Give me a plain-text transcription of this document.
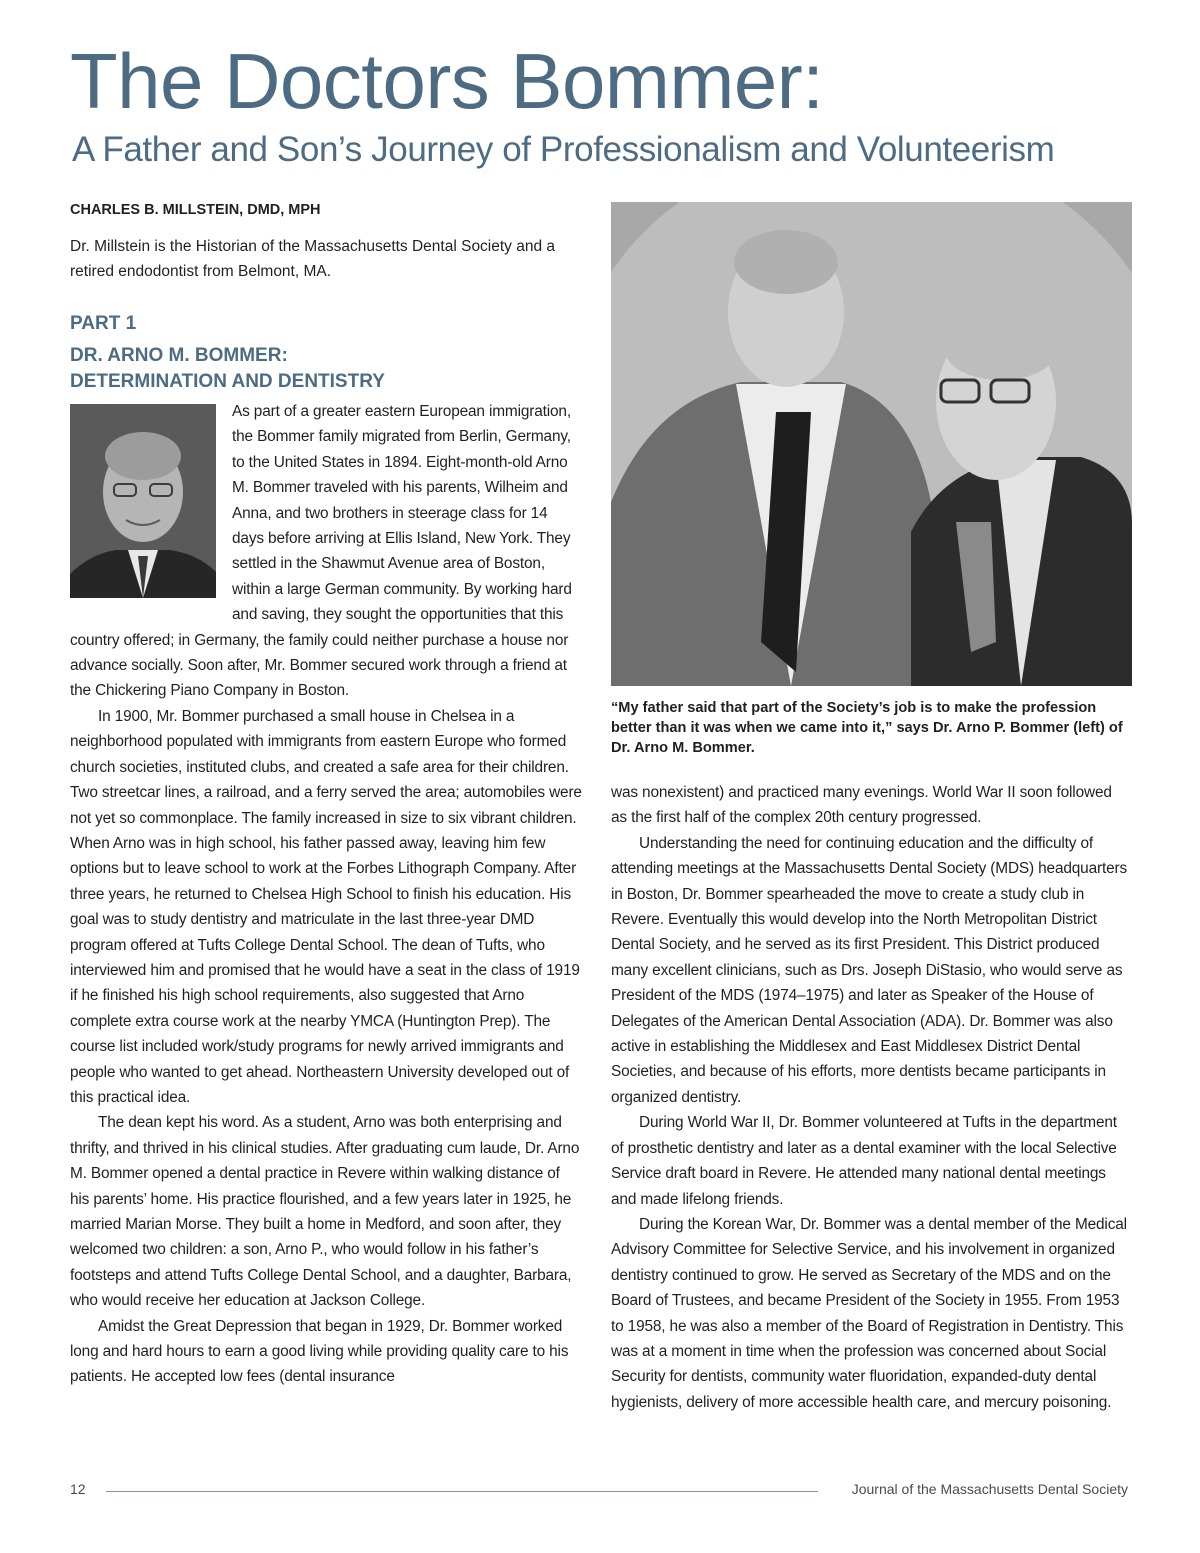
The Doctors Bommer:
A Father and Son’s Journey of Professionalism and Volunteerism
CHARLES B. MILLSTEIN, DMD, MPH

Dr. Millstein is the Historian of the Massachusetts Dental Society and a retired endodontist from Belmont, MA.

PART 1
DR. ARNO M. BOMMER:
DETERMINATION AND DENTISTRY

As part of a greater eastern European immigration, the Bommer family migrated from Berlin, Germany, to the United States in 1894. Eight-month-old Arno M. Bommer traveled with his parents, Wilheim and Anna, and two brothers in steerage class for 14 days before arriving at Ellis Island, New York. They settled in the Shawmut Avenue area of Boston, within a large German community. By working hard and saving, they sought the opportunities that this country offered; in Germany, the family could neither purchase a house nor advance socially. Soon after, Mr. Bommer secured work through a friend at the Chickering Piano Company in Boston.

In 1900, Mr. Bommer purchased a small house in Chelsea in a neighborhood populated with immigrants from eastern Europe who formed church societies, instituted clubs, and created a safe area for their children. Two streetcar lines, a railroad, and a ferry served the area; automobiles were not yet so commonplace. The family increased in size to six vibrant children. When Arno was in high school, his father passed away, leaving him few options but to leave school to work at the Forbes Lithograph Company. After three years, he returned to Chelsea High School to finish his education. His goal was to study dentistry and matriculate in the last three-year DMD program offered at Tufts College Dental School. The dean of Tufts, who interviewed him and promised that he would have a seat in the class of 1919 if he finished his high school requirements, also suggested that Arno complete extra course work at the nearby YMCA (Huntington Prep). The course list included work/study programs for newly arrived immigrants and people who wanted to get ahead. Northeastern University developed out of this practical idea.

The dean kept his word. As a student, Arno was both enterprising and thrifty, and thrived in his clinical studies. After graduating cum laude, Dr. Arno M. Bommer opened a dental practice in Revere within walking distance of his parents’ home. His practice flourished, and a few years later in 1925, he married Marian Morse. They built a home in Medford, and soon after, they welcomed two children: a son, Arno P., who would follow in his father’s footsteps and attend Tufts College Dental School, and a daughter, Barbara, who would receive her education at Jackson College.

Amidst the Great Depression that began in 1929, Dr. Bommer worked long and hard hours to earn a good living while providing quality care to his patients. He accepted low fees (dental insurance

“My father said that part of the Society’s job is to make the profession better than it was when we came into it,” says Dr. Arno P. Bommer (left) of Dr. Arno M. Bommer.

was nonexistent) and practiced many evenings. World War II soon followed as the first half of the complex 20th century progressed.

Understanding the need for continuing education and the difficulty of attending meetings at the Massachusetts Dental Society (MDS) headquarters in Boston, Dr. Bommer spearheaded the move to create a study club in Revere. Eventually this would develop into the North Metropolitan District Dental Society, and he served as its first President. This District produced many excellent clinicians, such as Drs. Joseph DiStasio, who would serve as President of the MDS (1974–1975) and later as Speaker of the House of Delegates of the American Dental Association (ADA). Dr. Bommer was also active in establishing the Middlesex and East Middlesex District Dental Societies, and because of his efforts, more dentists became participants in organized dentistry.

During World War II, Dr. Bommer volunteered at Tufts in the department of prosthetic dentistry and later as a dental examiner with the local Selective Service draft board in Revere. He attended many national dental meetings and made lifelong friends.

During the Korean War, Dr. Bommer was a dental member of the Medical Advisory Committee for Selective Service, and his involvement in organized dentistry continued to grow. He served as Secretary of the MDS and on the Board of Trustees, and became President of the Society in 1955. From 1953 to 1958, he was also a member of the Board of Registration in Dentistry. This was at a moment in time when the profession was concerned about Social Security for dentists, community water fluoridation, expanded-duty dental hygienists, delivery of more accessible health care, and mercury poisoning.

12	Journal of the Massachusetts Dental Society
